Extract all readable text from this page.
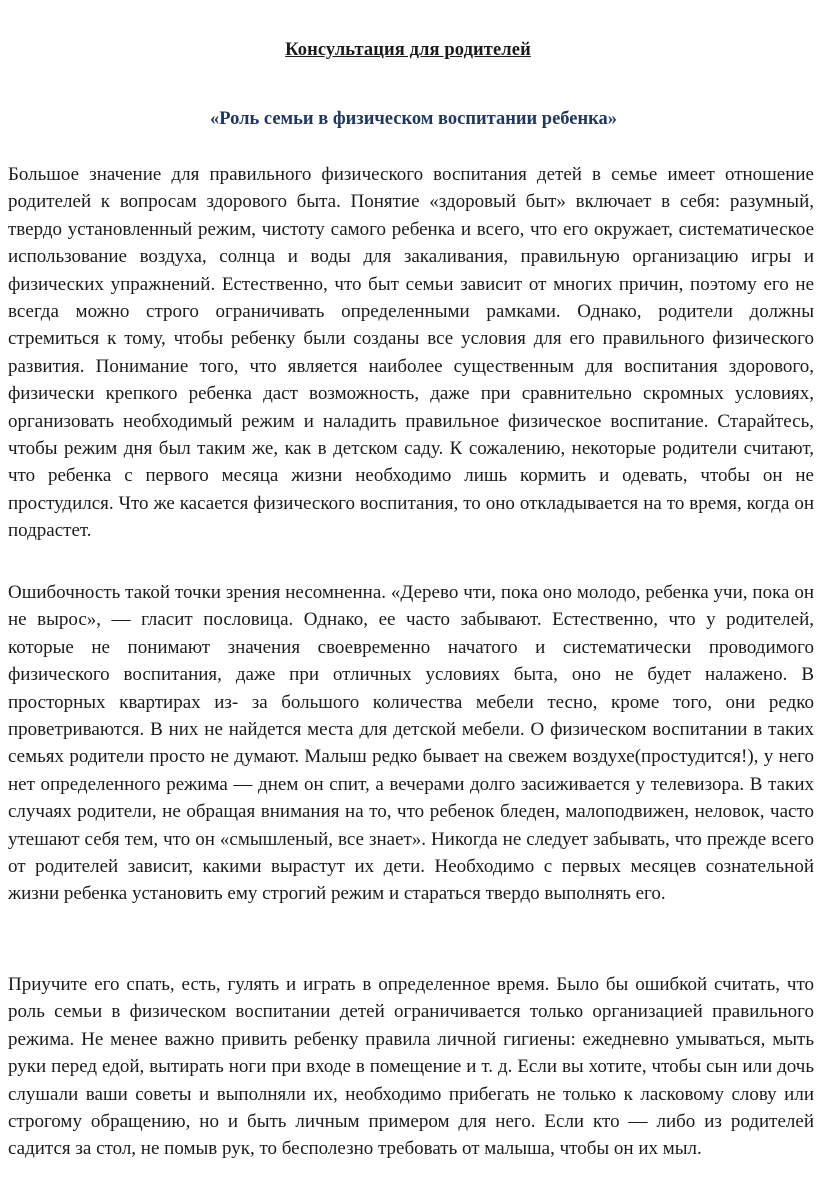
Консультация для родителей
«Роль семьи в физическом воспитании ребенка»

Большое значение для правильного физического воспитания детей в семье имеет отношение родителей к вопросам здорового быта. Понятие «здоровый быт» включает в себя: разумный, твердо установленный режим, чистоту самого ребенка и всего, что его окружает, систематическое использование воздуха, солнца и воды для закаливания, правильную организацию игры и физических упражнений. Естественно, что быт семьи зависит от многих причин, поэтому его не всегда можно строго ограничивать определенными рамками. Однако, родители должны стремиться к тому, чтобы ребенку были созданы все условия для его правильного физического развития. Понимание того, что является наиболее существенным для воспитания здорового, физически крепкого ребенка даст возможность, даже при сравнительно скромных условиях, организовать необходимый режим и наладить правильное физическое воспитание. Старайтесь, чтобы режим дня был таким же, как в детском саду. К сожалению, некоторые родители считают, что ребенка с первого месяца жизни необходимо лишь кормить и одевать, чтобы он не простудился. Что же касается физического воспитания, то оно откладывается на то время, когда он подрастет.

Ошибочность такой точки зрения несомненна. «Дерево чти, пока оно молодо, ребенка учи, пока он не вырос», — гласит пословица. Однако, ее часто забывают. Естественно, что у родителей, которые не понимают значения своевременно начатого и систематически проводимого физического воспитания, даже при отличных условиях быта, оно не будет налажено. В просторных квартирах из- за большого количества мебели тесно, кроме того, они редко проветриваются. В них не найдется места для детской мебели. О физическом воспитании в таких семьях родители просто не думают. Малыш редко бывает на свежем воздухе(простудится!), у него нет определенного режима — днем он спит, а вечерами долго засиживается у телевизора. В таких случаях родители, не обращая внимания на то, что ребенок бледен, малоподвижен, неловок, часто утешают себя тем, что он «смышленый, все знает». Никогда не следует забывать, что прежде всего от родителей зависит, какими вырастут их дети. Необходимо с первых месяцев сознательной жизни ребенка установить ему строгий режим и стараться твердо выполнять его.

Приучите его спать, есть, гулять и играть в определенное время. Было бы ошибкой считать, что роль семьи в физическом воспитании детей ограничивается только организацией правильного режима. Не менее важно привить ребенку правила личной гигиены: ежедневно умываться, мыть руки перед едой, вытирать ноги при входе в помещение и т. д. Если вы хотите, чтобы сын или дочь слушали ваши советы и выполняли их, необходимо прибегать не только к ласковому слову или строгому обращению, но и быть личным примером для него. Если кто — либо из родителей садится за стол, не помыв рук, то бесполезно требовать от малыша, чтобы он их мыл.
